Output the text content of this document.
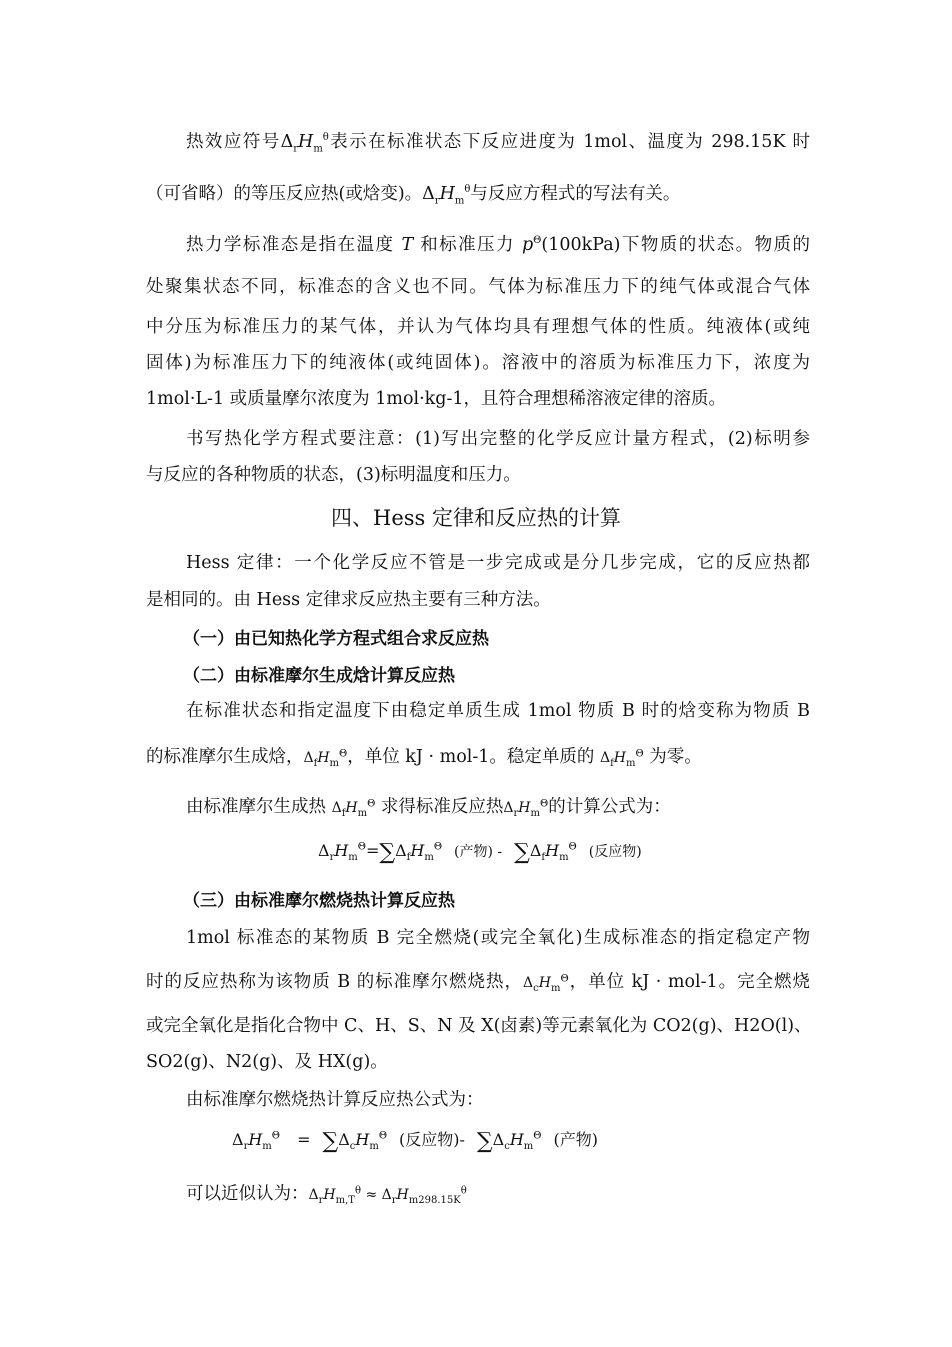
热效应符号$\Delta_rH_m^\theta$表示在标准状态下反应进度为 1mol、温度为 298.15K 时
（可省略）的等压反应热(或焓变)。$\Delta_rH_m^\theta$与反应方程式的写法有关。
热力学标准态是指在温度 T 和标准压力 $p^\Theta(100kPa)$下物质的状态。物质的
处聚集状态不同，标准态的含义也不同。气体为标准压力下的纯气体或混合气体
中分压为标准压力的某气体，并认为气体均具有理想气体的性质。纯液体(或纯
固体)为标准压力下的纯液体(或纯固体)。溶液中的溶质为标准压力下，浓度为
1mol·L-1 或质量摩尔浓度为 1mol·kg-1，且符合理想稀溶液定律的溶质。
书写热化学方程式要注意：(1)写出完整的化学反应计量方程式，(2)标明参
与反应的各种物质的状态，(3)标明温度和压力。
四、Hess 定律和反应热的计算
Hess 定律：一个化学反应不管是一步完成或是分几步完成，它的反应热都
是相同的。由 Hess 定律求反应热主要有三种方法。
（一）由已知热化学方程式组合求反应热
（二）由标准摩尔生成焓计算反应热
在标准状态和指定温度下由稳定单质生成 1mol 物质 B 时的焓变称为物质 B
的标准摩尔生成焓，$\Delta_fH_m^\Theta$，单位 kJ · mol-1。稳定单质的 $\Delta_fH_m^\Theta$ 为零。
由标准摩尔生成热 $\Delta_fH_m^\Theta$ 求得标准反应热$\Delta_rH_m^\Theta$的计算公式为：
$\Delta_rH_m^\Theta=\sum\Delta_fH_m^\Theta$ (产物) - $\sum\Delta_fH_m^\Theta$ (反应物)
（三）由标准摩尔燃烧热计算反应热
1mol 标准态的某物质 B 完全燃烧(或完全氧化)生成标准态的指定稳定产物
时的反应热称为该物质 B 的标准摩尔燃烧热，$\Delta_cH_m^\Theta$，单位 kJ · mol-1。完全燃烧
或完全氧化是指化合物中 C、H、S、N 及 X(卤素)等元素氧化为 CO2(g)、H2O(l)、
SO2(g)、N2(g)、及 HX(g)。
由标准摩尔燃烧热计算反应热公式为：
$\Delta_rH_m^\Theta = \sum\Delta_cH_m^\Theta$ (反应物)- $\sum\Delta_cH_m^\Theta$ (产物)
可以近似认为：$\Delta_rH_{m,T}^\theta \approx \Delta_rH_{m298.15K}^\theta$
